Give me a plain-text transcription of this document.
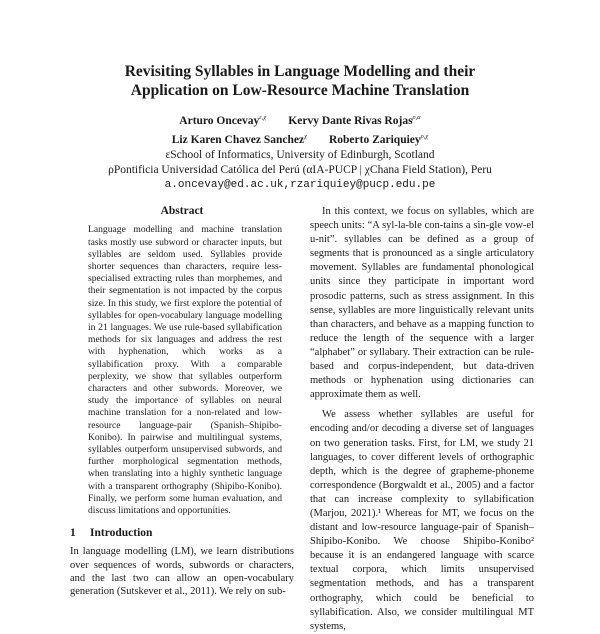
Revisiting Syllables in Language Modelling and their
Application on Low-Resource Machine Translation
Arturo Oncevay$^{\varepsilon,\chi}$ Kervy Dante Rivas Rojas$^{\rho,\alpha}$
Liz Karen Chavez Sanchez$^\chi$ Roberto Zariquiey$^{\rho,\chi}$
εSchool of Informatics, University of Edinburgh, Scotland
ρPontificia Universidad Católica del Perú (αIA-PUCP | χChana Field Station), Peru
a.oncevay@ed.ac.uk,rzariquiey@pucp.edu.pe
Abstract

Language modelling and machine translation tasks mostly use subword or character inputs, but syllables are seldom used. Syllables provide shorter sequences than characters, require less-specialised extracting rules than morphemes, and their segmentation is not impacted by the corpus size. In this study, we first explore the potential of syllables for open-vocabulary language modelling in 21 languages. We use rule-based syllabification methods for six languages and address the rest with hyphenation, which works as a syllabification proxy. With a comparable perplexity, we show that syllables outperform characters and other subwords. Moreover, we study the importance of syllables on neural machine translation for a non-related and low-resource language-pair (Spanish–Shipibo-Konibo). In pairwise and multilingual systems, syllables outperform unsupervised subwords, and further morphological segmentation methods, when translating into a highly synthetic language with a transparent orthography (Shipibo-Konibo). Finally, we perform some human evaluation, and discuss limitations and opportunities.

1 Introduction

In language modelling (LM), we learn distributions over sequences of words, subwords or characters, and the last two can allow an open-vocabulary generation (Sutskever et al., 2011). We rely on sub-

In this context, we focus on syllables, which are speech units: “A syl-la-ble con-tains a sin-gle vow-el u-nit”. syllables can be defined as a group of segments that is pronounced as a single articulatory movement. Syllables are fundamental phonological units since they participate in important word prosodic patterns, such as stress assignment. In this sense, syllables are more linguistically relevant units than characters, and behave as a mapping function to reduce the length of the sequence with a larger “alphabet” or syllabary. Their extraction can be rule-based and corpus-independent, but data-driven methods or hyphenation using dictionaries can approximate them as well.

We assess whether syllables are useful for encoding and/or decoding a diverse set of languages on two generation tasks. First, for LM, we study 21 languages, to cover different levels of orthographic depth, which is the degree of grapheme-phoneme correspondence (Borgwaldt et al., 2005) and a factor that can increase complexity to syllabification (Marjou, 2021).¹ Whereas for MT, we focus on the distant and low-resource language-pair of Spanish–Shipibo-Konibo. We choose Shipibo-Konibo² because it is an endangered language with scarce textual corpora, which limits unsupervised segmentation methods, and has a transparent orthography, which could be beneficial to syllabification. Also, we consider multilingual MT systems,
